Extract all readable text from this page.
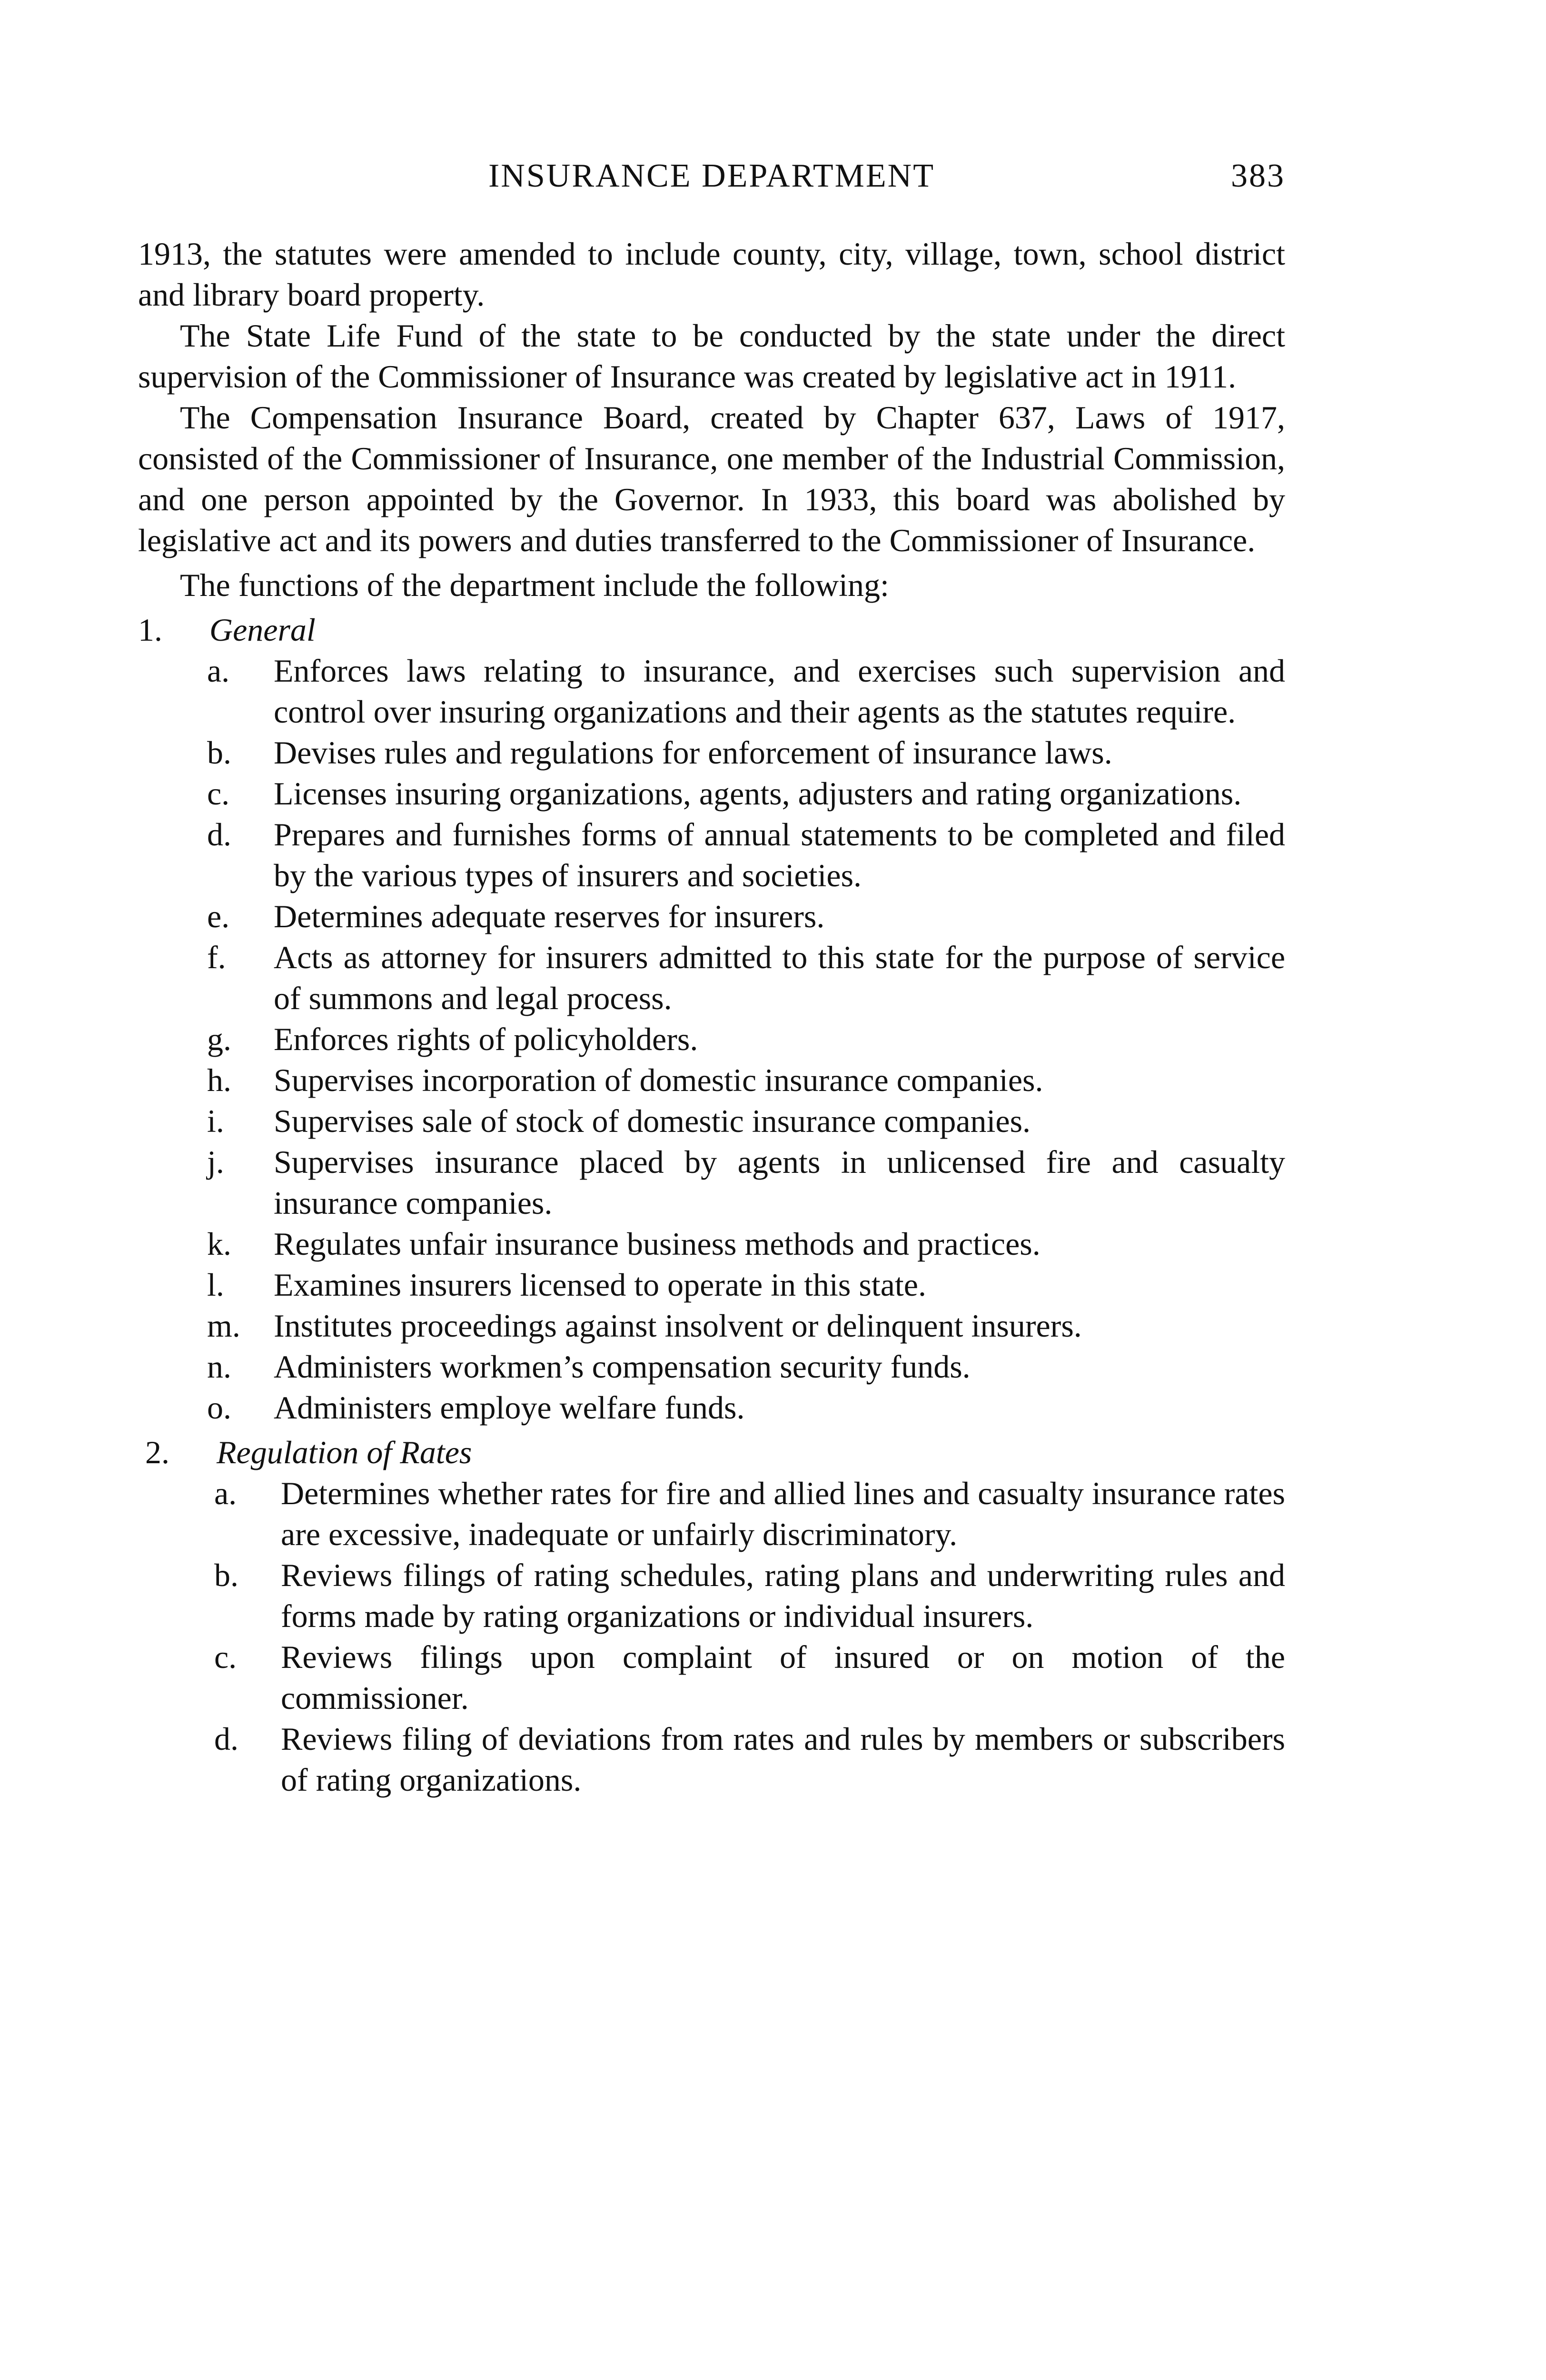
INSURANCE DEPARTMENT	383

1913, the statutes were amended to include county, city, village, town, school district and library board property.

The State Life Fund of the state to be conducted by the state under the direct supervision of the Commissioner of Insurance was created by legislative act in 1911.

The Compensation Insurance Board, created by Chapter 637, Laws of 1917, consisted of the Commissioner of Insurance, one member of the Industrial Commission, and one person appointed by the Governor. In 1933, this board was abolished by legislative act and its powers and duties transferred to the Commissioner of Insurance.

The functions of the department include the following:

1.	General
a.	Enforces laws relating to insurance, and exercises such supervision and control over insuring organizations and their agents as the statutes require.
b.	Devises rules and regulations for enforcement of insurance laws.
c.	Licenses insuring organizations, agents, adjusters and rating organizations.
d.	Prepares and furnishes forms of annual statements to be completed and filed by the various types of insurers and societies.
e.	Determines adequate reserves for insurers.
f.	Acts as attorney for insurers admitted to this state for the purpose of service of summons and legal process.
g.	Enforces rights of policyholders.
h.	Supervises incorporation of domestic insurance companies.
i.	Supervises sale of stock of domestic insurance companies.
j.	Supervises insurance placed by agents in unlicensed fire and casualty insurance companies.
k.	Regulates unfair insurance business methods and practices.
l.	Examines insurers licensed to operate in this state.
m.	Institutes proceedings against insolvent or delinquent insurers.
n.	Administers workmen’s compensation security funds.
o.	Administers employe welfare funds.
2.	Regulation of Rates
a.	Determines whether rates for fire and allied lines and casualty insurance rates are excessive, inadequate or unfairly discriminatory.
b.	Reviews filings of rating schedules, rating plans and underwriting rules and forms made by rating organizations or individual insurers.
c.	Reviews filings upon complaint of insured or on motion of the commissioner.
d.	Reviews filing of deviations from rates and rules by members or subscribers of rating organizations.
